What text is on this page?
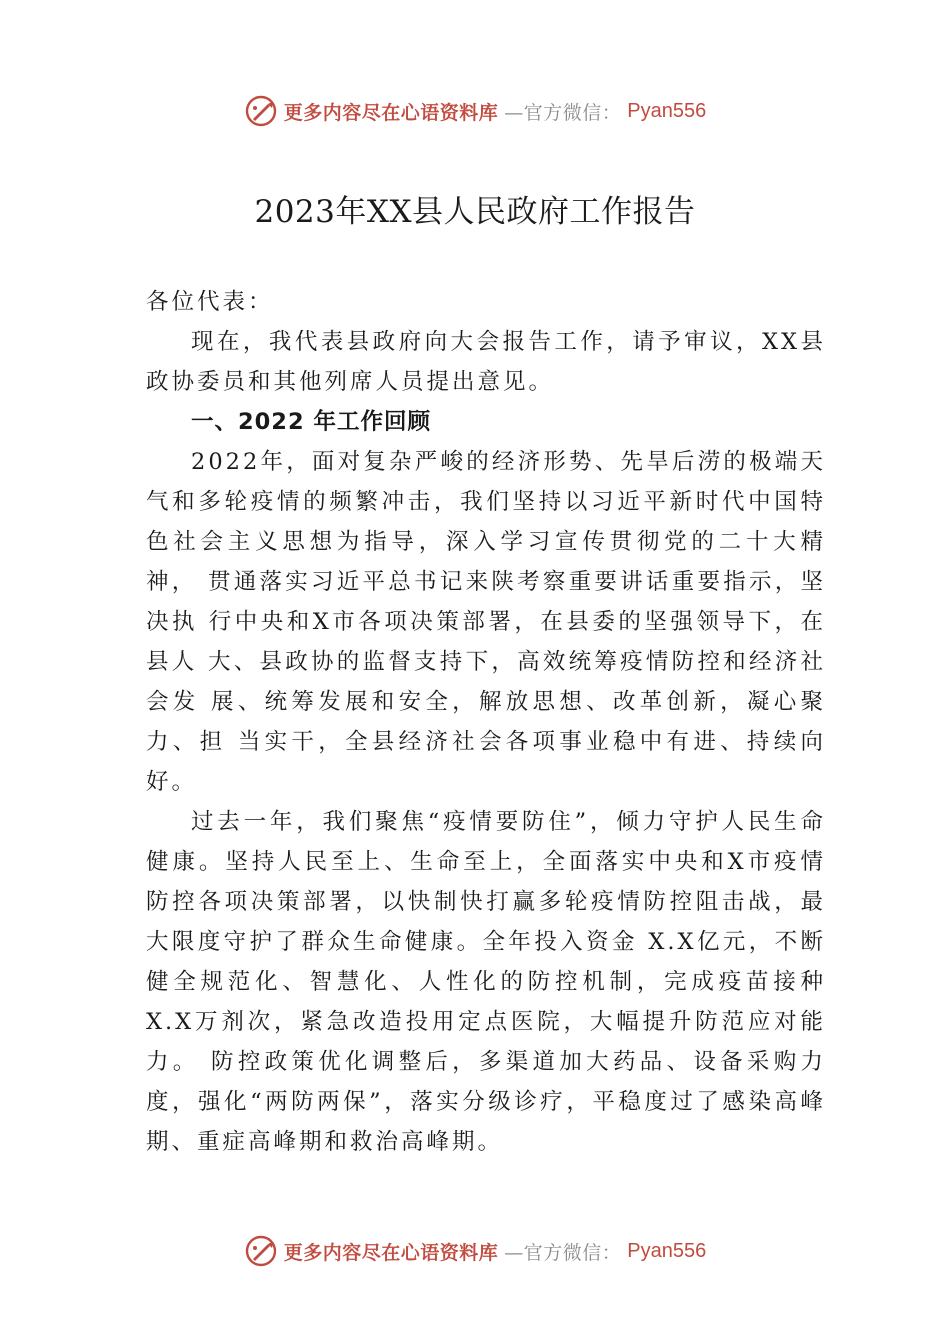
更多内容尽在心语资料库 —官方微信： Pyan556
2023年XX县人民政府工作报告

各位代表：

现在，我代表县政府向大会报告工作，请予审议，XX县政协委员和其他列席人员提出意见。

一、2022 年工作回顾

2022年，面对复杂严峻的经济形势、先旱后涝的极端天气和多轮疫情的频繁冲击，我们坚持以习近平新时代中国特 色社会主义思想为指导，深入学习宣传贯彻党的二十大精神， 贯通落实习近平总书记来陕考察重要讲话重要指示，坚决执 行中央和X市各项决策部署，在县委的坚强领导下，在县人 大、县政协的监督支持下，高效统筹疫情防控和经济社会发 展、统筹发展和安全，解放思想、改革创新，凝心聚力、担 当实干，全县经济社会各项事业稳中有进、持续向好。

过去一年，我们聚焦“疫情要防住”，倾力守护人民生命健康。坚持人民至上、生命至上，全面落实中央和X市疫情防控各项决策部署，以快制快打赢多轮疫情防控阻击战，最大限度守护了群众生命健康。全年投入资金 X.X亿元，不断健全规范化、智慧化、人性化的防控机制，完成疫苗接种 X.X万剂次，紧急改造投用定点医院，大幅提升防范应对能力。 防控政策优化调整后，多渠道加大药品、设备采购力度，强化“两防两保”，落实分级诊疗，平稳度过了感染高峰期、重症高峰期和救治高峰期。

更多内容尽在心语资料库 —官方微信： Pyan556
